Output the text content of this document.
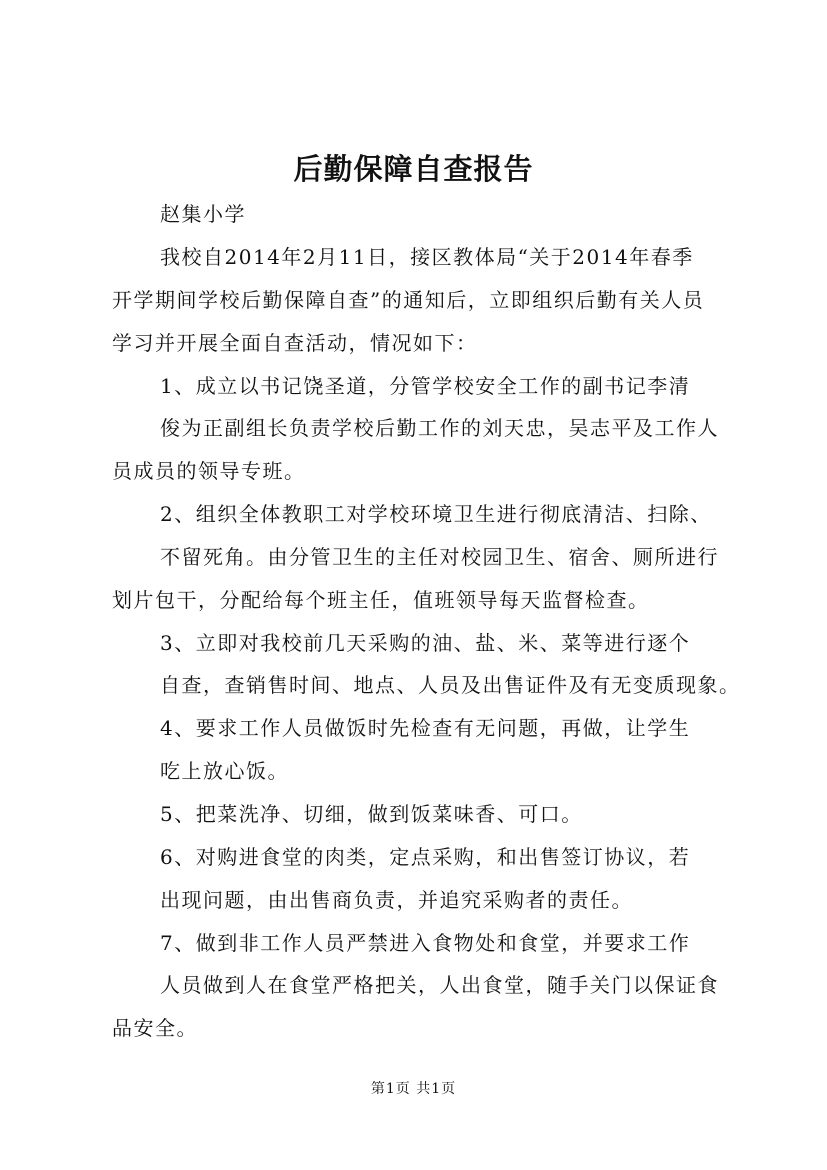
后勤保障自查报告
赵集小学
我校自2014年2月11日，接区教体局“关于2014年春季
开学期间学校后勤保障自查”的通知后，立即组织后勤有关人员
学习并开展全面自查活动，情况如下：
1、成立以书记饶圣道，分管学校安全工作的副书记李清
俊为正副组长负责学校后勤工作的刘天忠，吴志平及工作人
员成员的领导专班。
2、组织全体教职工对学校环境卫生进行彻底清洁、扫除、
不留死角。由分管卫生的主任对校园卫生、宿舍、厕所进行
划片包干，分配给每个班主任，值班领导每天监督检查。
3、立即对我校前几天采购的油、盐、米、菜等进行逐个
自查，查销售时间、地点、人员及出售证件及有无变质现象。
4、要求工作人员做饭时先检查有无问题，再做，让学生
吃上放心饭。
5、把菜洗净、切细，做到饭菜味香、可口。
6、对购进食堂的肉类，定点采购，和出售签订协议，若
出现问题，由出售商负责，并追究采购者的责任。
7、做到非工作人员严禁进入食物处和食堂，并要求工作
人员做到人在食堂严格把关，人出食堂，随手关门以保证食
品安全。
第1页 共1页
